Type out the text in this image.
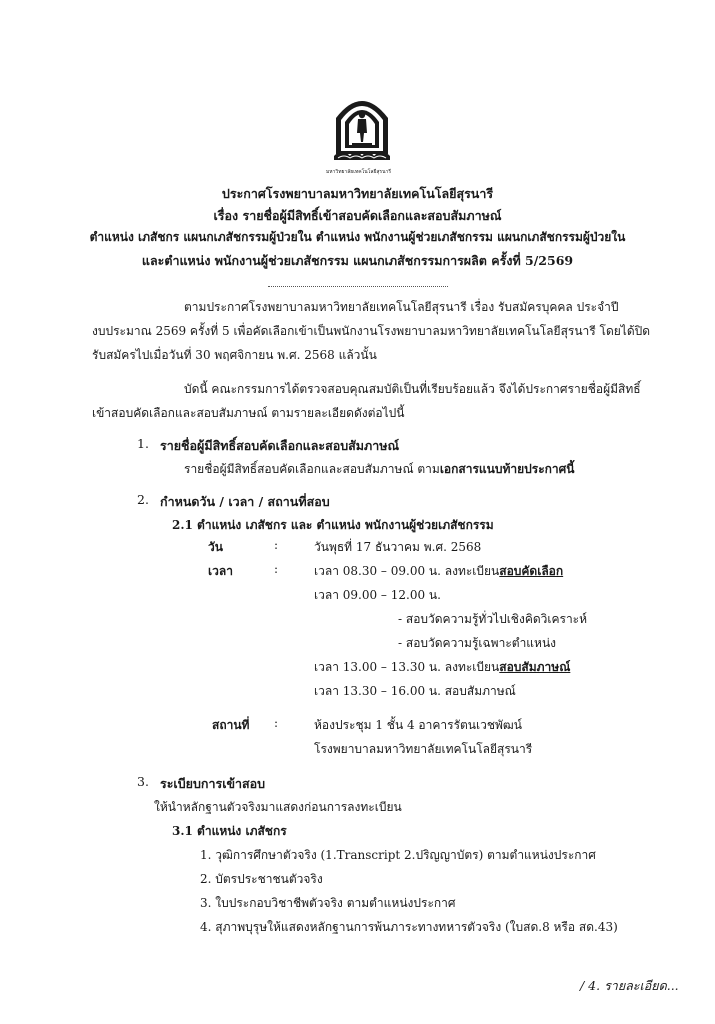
มหาวิทยาลัยเทคโนโลยีสุรนารี
ประกาศโรงพยาบาลมหาวิทยาลัยเทคโนโลยีสุรนารี
เรื่อง รายชื่อผู้มีสิทธิ์เข้าสอบคัดเลือกและสอบสัมภาษณ์
ตำแหน่ง เภสัชกร แผนกเภสัชกรรมผู้ป่วยใน ตำแหน่ง พนักงานผู้ช่วยเภสัชกรรม แผนกเภสัชกรรมผู้ป่วยใน
และตำแหน่ง พนักงานผู้ช่วยเภสัชกรรม แผนกเภสัชกรรมการผลิต ครั้งที่ 5/2569
ตามประกาศโรงพยาบาลมหาวิทยาลัยเทคโนโลยีสุรนารี เรื่อง รับสมัครบุคคล ประจำปี
งบประมาณ 2569 ครั้งที่ 5 เพื่อคัดเลือกเข้าเป็นพนักงานโรงพยาบาลมหาวิทยาลัยเทคโนโลยีสุรนารี โดยได้ปิด
รับสมัครไปเมื่อวันที่ 30 พฤศจิกายน พ.ศ. 2568 แล้วนั้น
บัดนี้ คณะกรรมการได้ตรวจสอบคุณสมบัติเป็นที่เรียบร้อยแล้ว จึงได้ประกาศรายชื่อผู้มีสิทธิ์
เข้าสอบคัดเลือกและสอบสัมภาษณ์ ตามรายละเอียดดังต่อไปนี้
1. รายชื่อผู้มีสิทธิ์สอบคัดเลือกและสอบสัมภาษณ์
รายชื่อผู้มีสิทธิ์สอบคัดเลือกและสอบสัมภาษณ์ ตามเอกสารแนบท้ายประกาศนี้
2. กำหนดวัน / เวลา / สถานที่สอบ
2.1 ตำแหน่ง เภสัชกร และ ตำแหน่ง พนักงานผู้ช่วยเภสัชกรรม
วัน	:	วันพุธที่ 17 ธันวาคม พ.ศ. 2568
เวลา	:	เวลา 08.30 – 09.00 น. ลงทะเบียนสอบคัดเลือก
เวลา 09.00 – 12.00 น.
- สอบวัดความรู้ทั่วไปเชิงคิดวิเคราะห์
- สอบวัดความรู้เฉพาะตำแหน่ง
เวลา 13.00 – 13.30 น. ลงทะเบียนสอบสัมภาษณ์
เวลา 13.30 – 16.00 น. สอบสัมภาษณ์
สถานที่ :	ห้องประชุม 1 ชั้น 4 อาคารรัตนเวชพัฒน์
โรงพยาบาลมหาวิทยาลัยเทคโนโลยีสุรนารี
3. ระเบียบการเข้าสอบ
ให้นำหลักฐานตัวจริงมาแสดงก่อนการลงทะเบียน
3.1 ตำแหน่ง เภสัชกร
1. วุฒิการศึกษาตัวจริง (1.Transcript 2.ปริญญาบัตร) ตามตำแหน่งประกาศ
2. บัตรประชาชนตัวจริง
3. ใบประกอบวิชาชีพตัวจริง ตามตำแหน่งประกาศ
4. สุภาพบุรุษให้แสดงหลักฐานการพ้นภาระทางทหารตัวจริง (ใบสด.8 หรือ สด.43)
/ 4. รายละเอียด...
